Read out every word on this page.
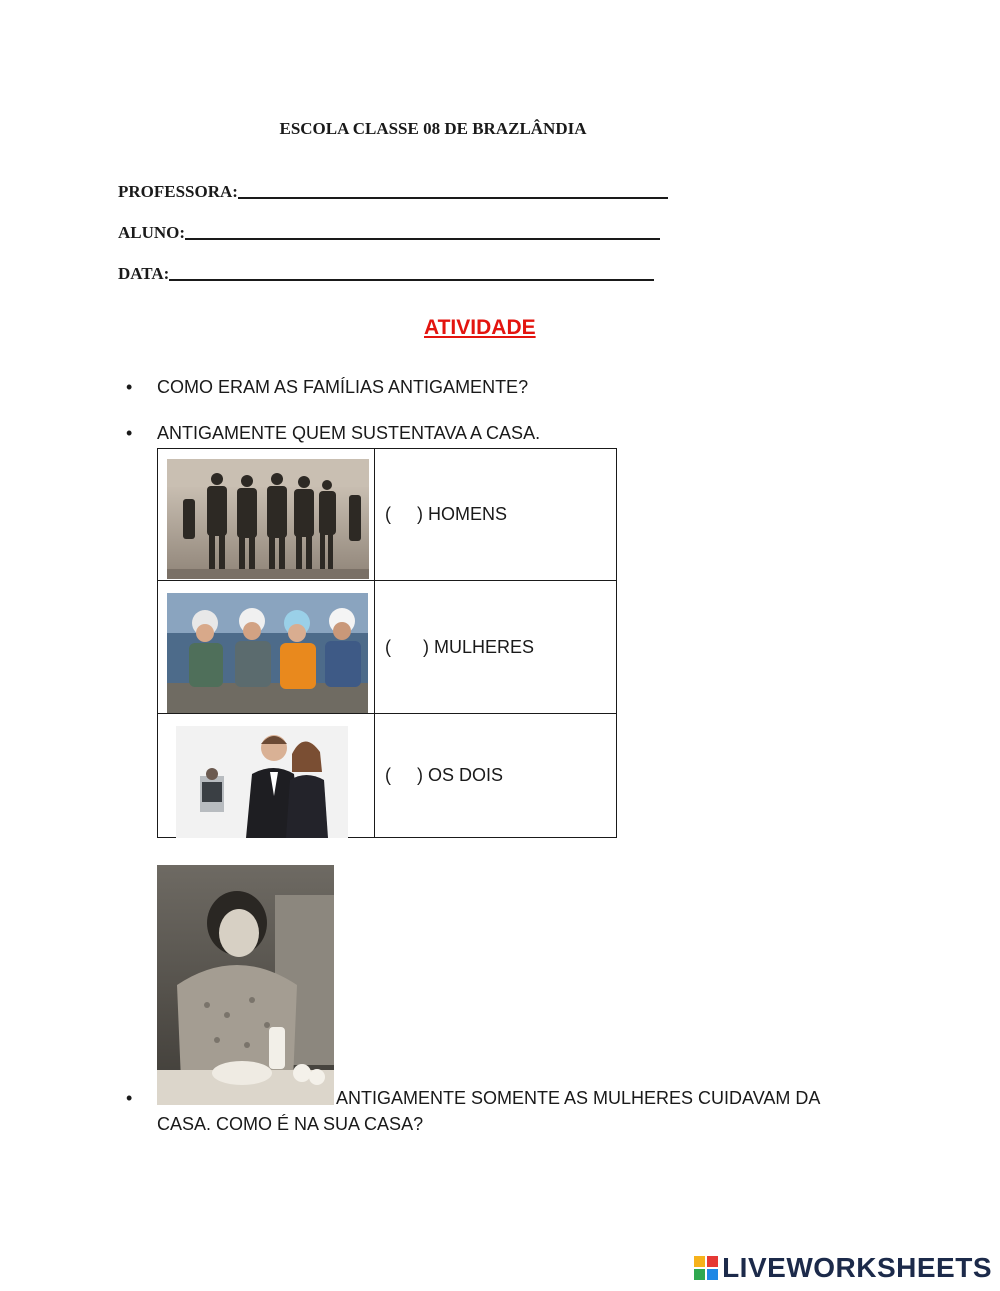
ESCOLA CLASSE 08 DE BRAZLÂNDIA
PROFESSORA:
ALUNO:
DATA:
ATIVIDADE
• COMO ERAM AS FAMÍLIAS ANTIGAMENTE?
• ANTIGAMENTE QUEM SUSTENTAVA A CASA.
	( ) HOMENS

	( ) MULHERES

	( ) OS DOIS
•	ANTIGAMENTE SOMENTE AS MULHERES CUIDAVAM DA
CASA. COMO É NA SUA CASA?
LIVEWORKSHEETS
